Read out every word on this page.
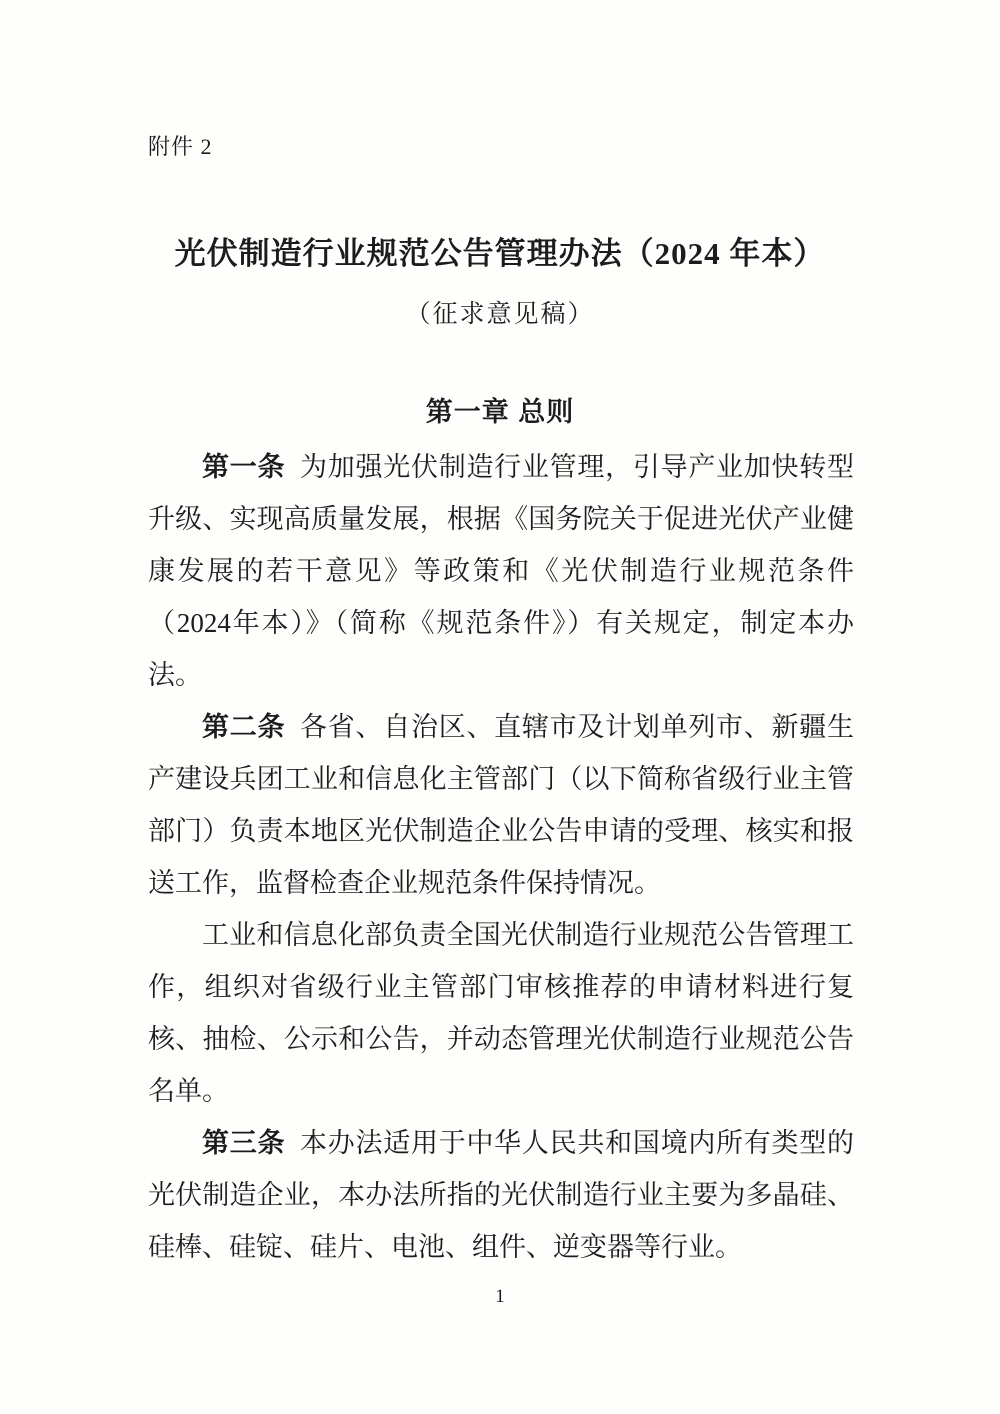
附件 2
光伏制造行业规范公告管理办法（2024 年本）
（征求意见稿）
第一章 总则

第一条 为加强光伏制造行业管理，引导产业加快转型升级、实现高质量发展，根据《国务院关于促进光伏产业健康发展的若干意见》等政策和《光伏制造行业规范条件（2024年本）》（简称《规范条件》）有关规定，制定本办法。

第二条 各省、自治区、直辖市及计划单列市、新疆生产建设兵团工业和信息化主管部门（以下简称省级行业主管部门）负责本地区光伏制造企业公告申请的受理、核实和报送工作，监督检查企业规范条件保持情况。

工业和信息化部负责全国光伏制造行业规范公告管理工作，组织对省级行业主管部门审核推荐的申请材料进行复核、抽检、公示和公告，并动态管理光伏制造行业规范公告名单。

第三条 本办法适用于中华人民共和国境内所有类型的光伏制造企业，本办法所指的光伏制造行业主要为多晶硅、硅棒、硅锭、硅片、电池、组件、逆变器等行业。

1
